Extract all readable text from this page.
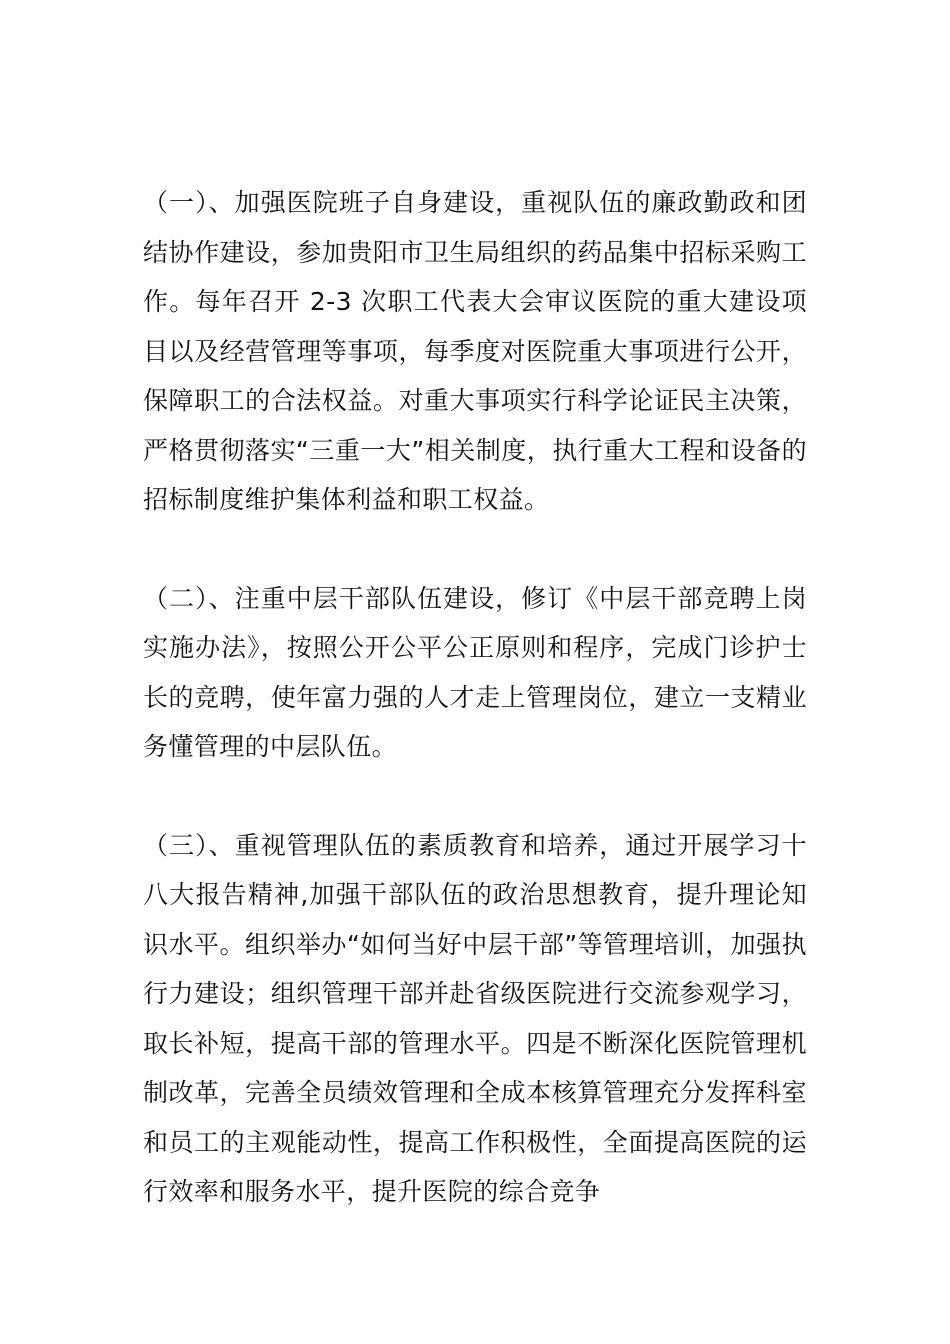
（一）、加强医院班子自身建设，重视队伍的廉政勤政和团结协作建设，参加贵阳市卫生局组织的药品集中招标采购工作。每年召开 2-3 次职工代表大会审议医院的重大建设项目以及经营管理等事项，每季度对医院重大事项进行公开，保障职工的合法权益。对重大事项实行科学论证民主决策，严格贯彻落实“三重一大”相关制度，执行重大工程和设备的招标制度维护集体利益和职工权益。

（二）、注重中层干部队伍建设，修订《中层干部竞聘上岗实施办法》，按照公开公平公正原则和程序，完成门诊护士长的竞聘，使年富力强的人才走上管理岗位，建立一支精业务懂管理的中层队伍。

（三）、重视管理队伍的素质教育和培养，通过开展学习十八大报告精神,加强干部队伍的政治思想教育，提升理论知识水平。组织举办“如何当好中层干部”等管理培训，加强执行力建设；组织管理干部并赴省级医院进行交流参观学习，取长补短，提高干部的管理水平。四是不断深化医院管理机制改革，完善全员绩效管理和全成本核算管理充分发挥科室和员工的主观能动性，提高工作积极性，全面提高医院的运行效率和服务水平，提升医院的综合竞争
